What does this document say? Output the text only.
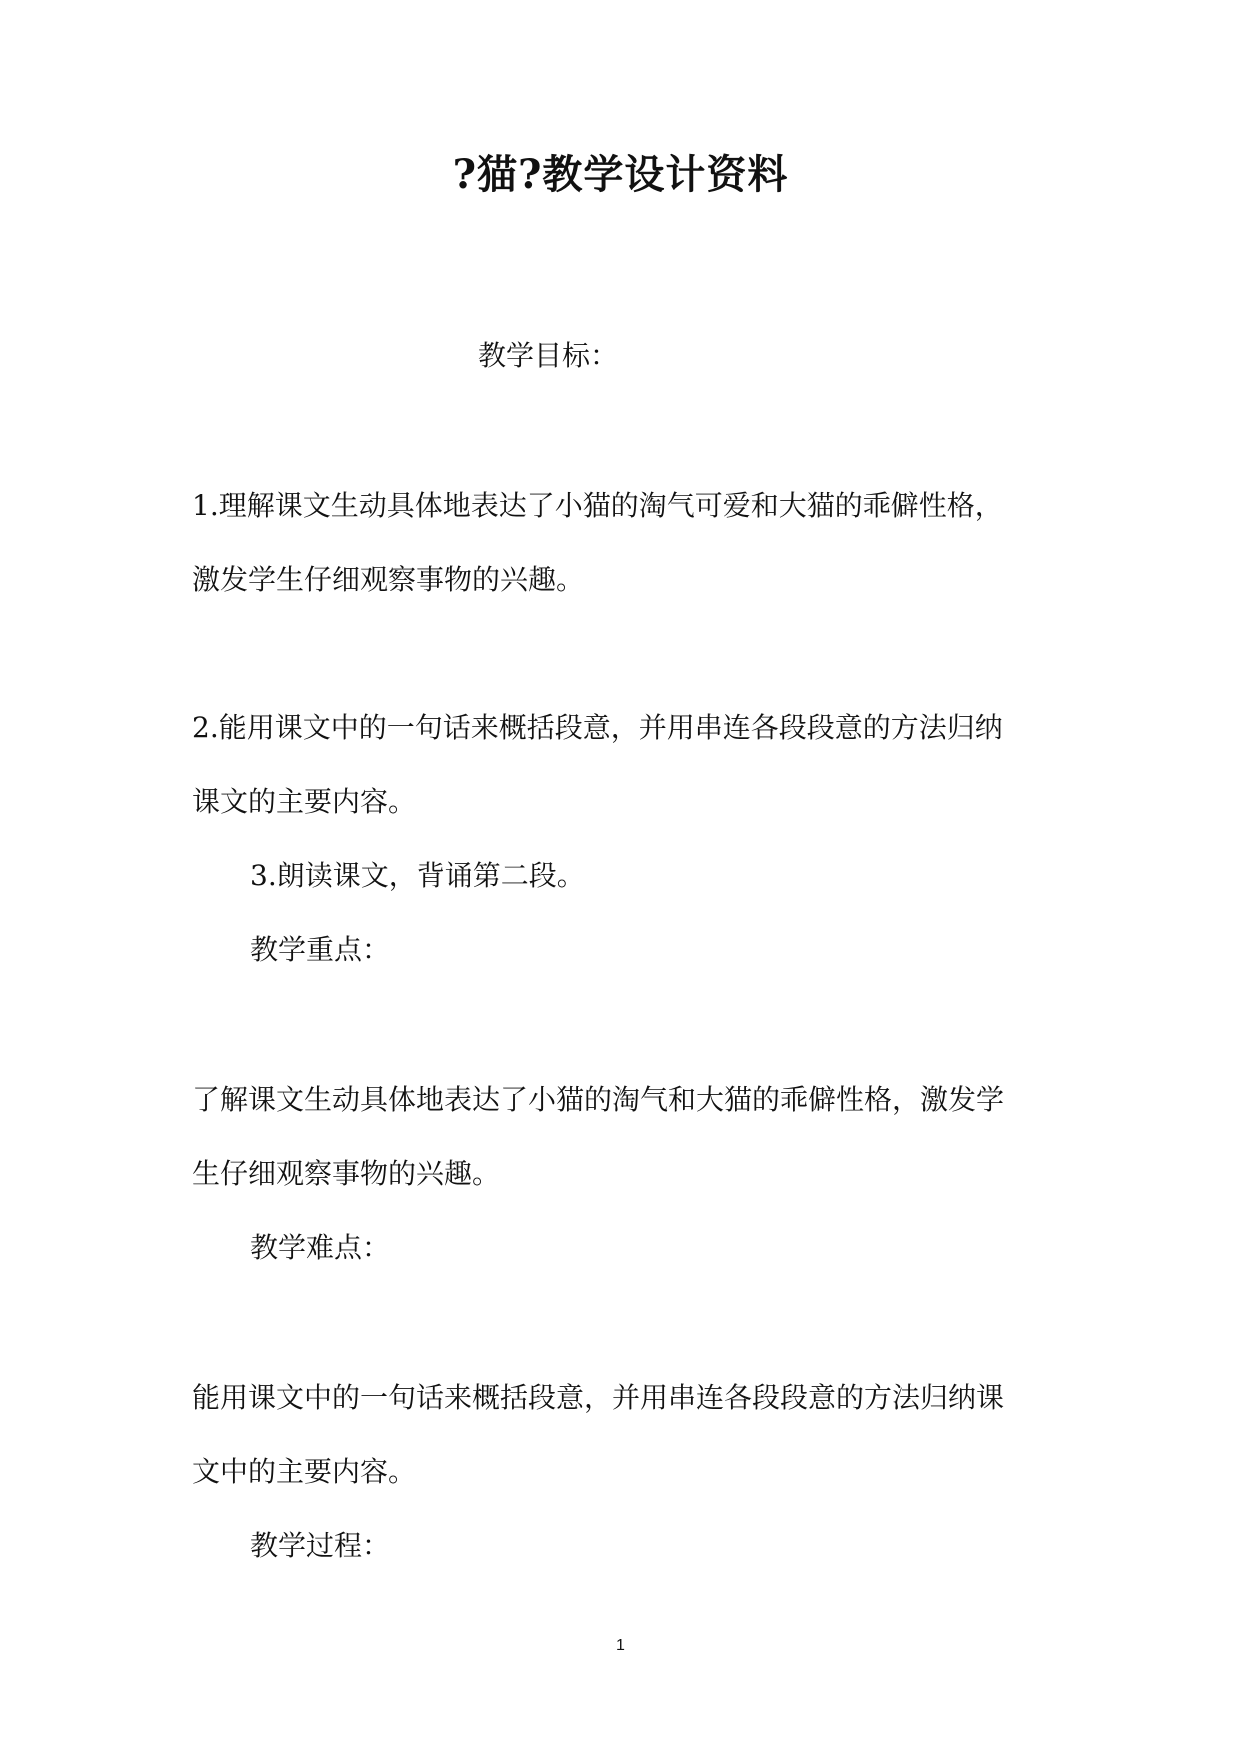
?猫?教学设计资料
教学目标：
1.理解课文生动具体地表达了小猫的淘气可爱和大猫的乖僻性格，
激发学生仔细观察事物的兴趣。
2.能用课文中的一句话来概括段意，并用串连各段段意的方法归纳
课文的主要内容。
3.朗读课文，背诵第二段。
教学重点：
了解课文生动具体地表达了小猫的淘气和大猫的乖僻性格，激发学
生仔细观察事物的兴趣。
教学难点：
能用课文中的一句话来概括段意，并用串连各段段意的方法归纳课
文中的主要内容。
教学过程：
1
